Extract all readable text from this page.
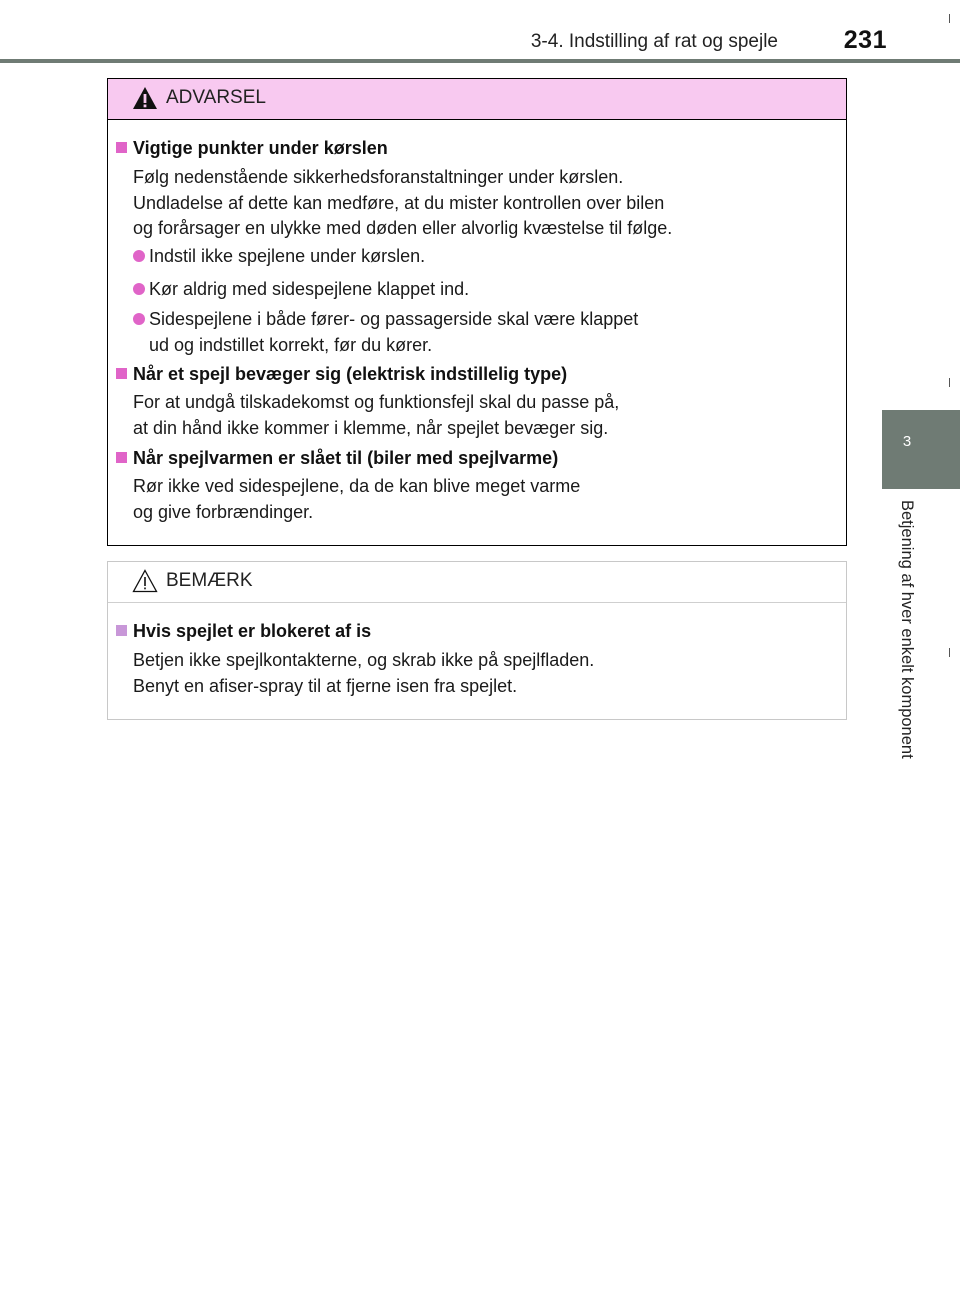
3-4. Indstilling af rat og spejle	231
3
Betjening af hver enkelt komponent
ADVARSEL
Vigtige punkter under kørslen
Følg nedenstående sikkerhedsforanstaltninger under kørslen.
Undladelse af dette kan medføre, at du mister kontrollen over bilen
og forårsager en ulykke med døden eller alvorlig kvæstelse til følge.
Indstil ikke spejlene under kørslen.
Kør aldrig med sidespejlene klappet ind.
Sidespejlene i både fører- og passagerside skal være klappet
ud og indstillet korrekt, før du kører.
Når et spejl bevæger sig (elektrisk indstillelig type)
For at undgå tilskadekomst og funktionsfejl skal du passe på,
at din hånd ikke kommer i klemme, når spejlet bevæger sig.
Når spejlvarmen er slået til (biler med spejlvarme)
Rør ikke ved sidespejlene, da de kan blive meget varme
og give forbrændinger.
BEMÆRK
Hvis spejlet er blokeret af is
Betjen ikke spejlkontakterne, og skrab ikke på spejlfladen.
Benyt en afiser-spray til at fjerne isen fra spejlet.
